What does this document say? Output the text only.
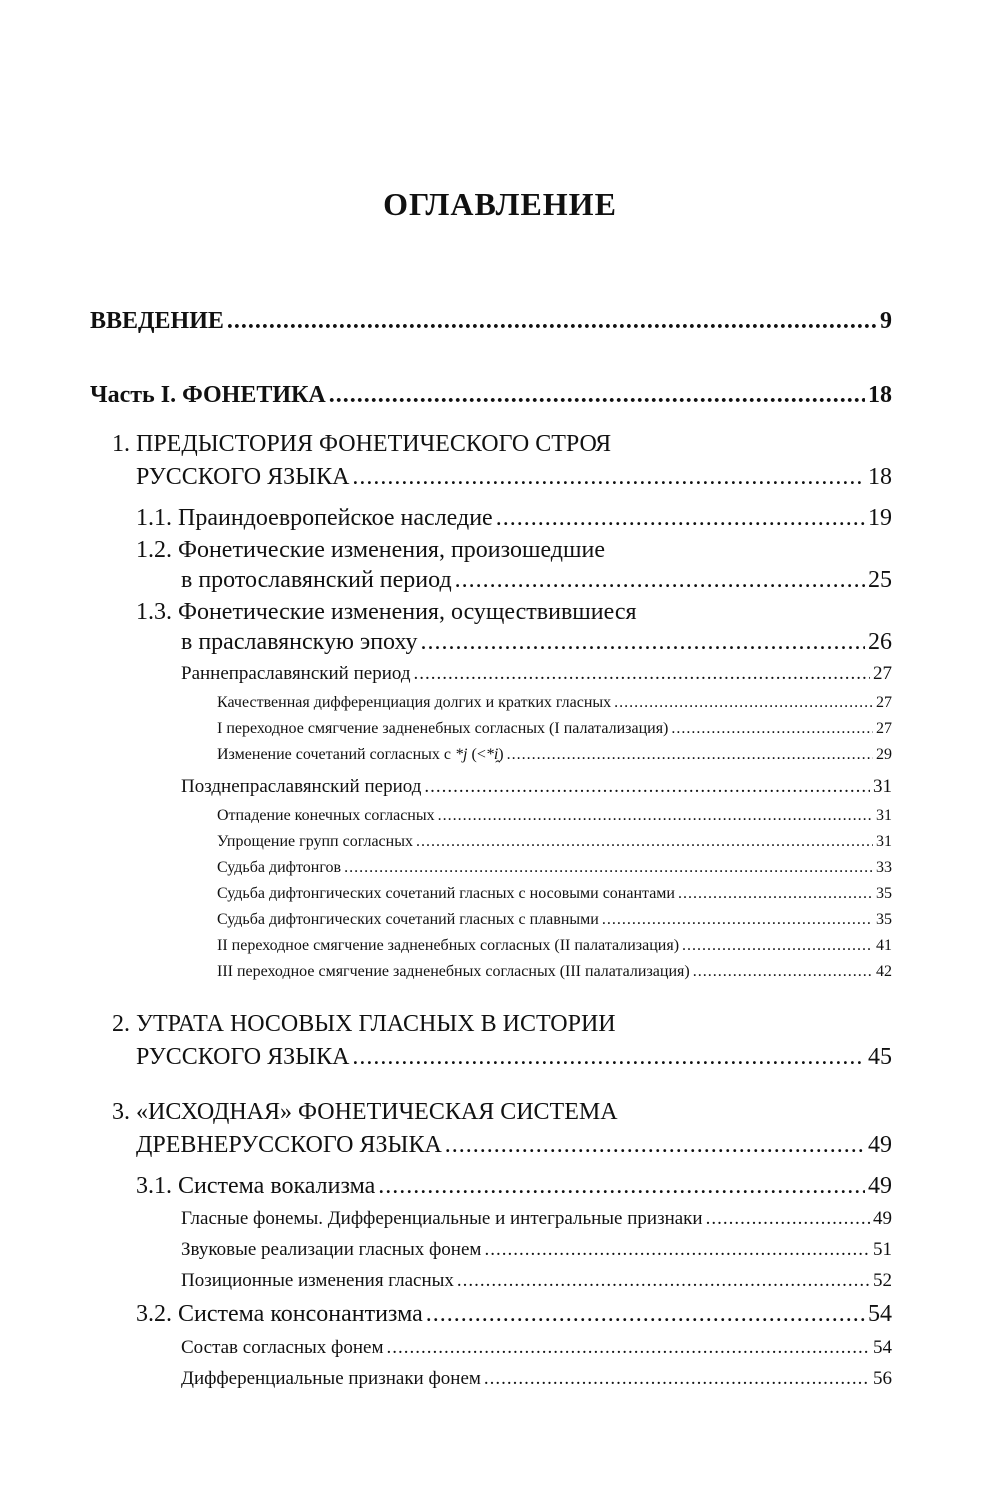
ОГЛАВЛЕНИЕ
ВВЕДЕНИЕ .....	9
Часть I. ФОНЕТИКА .....	18
1. ПРЕДЫСТОРИЯ ФОНЕТИЧЕСКОГО СТРОЯ
РУССКОГО ЯЗЫКА .....	18
1.1. Праиндоевропейское наследие .....	19
1.2. Фонетические изменения, произошедшие
в протославянский период .....	25
1.3. Фонетические изменения, осуществившиеся
в праславянскую эпоху .....	26
Раннепраславянский период .....	27
Качественная дифференциация долгих и кратких гласных .....	27
I переходное смягчение задненебных согласных (I палатализация) .....	27
Изменение сочетаний согласных с *j (<*i̯) .....	29
Позднепраславянский период .....	31
Отпадение конечных согласных .....	31
Упрощение групп согласных .....	31
Судьба дифтонгов .....	33
Судьба дифтонгических сочетаний гласных с носовыми сонантами .....	35
Судьба дифтонгических сочетаний гласных с плавными .....	35
II переходное смягчение задненебных согласных (II палатализация) .....	41
III переходное смягчение задненебных согласных (III палатализация) .....	42
2. УТРАТА НОСОВЫХ ГЛАСНЫХ В ИСТОРИИ
РУССКОГО ЯЗЫКА .....	45
3. «ИСХОДНАЯ» ФОНЕТИЧЕСКАЯ СИСТЕМА
ДРЕВНЕРУССКОГО ЯЗЫКА .....	49
3.1. Система вокализма .....	49
Гласные фонемы. Дифференциальные и интегральные признаки .....	49
Звуковые реализации гласных фонем .....	51
Позиционные изменения гласных .....	52
3.2. Система консонантизма .....	54
Состав согласных фонем .....	54
Дифференциальные признаки фонем .....	56
